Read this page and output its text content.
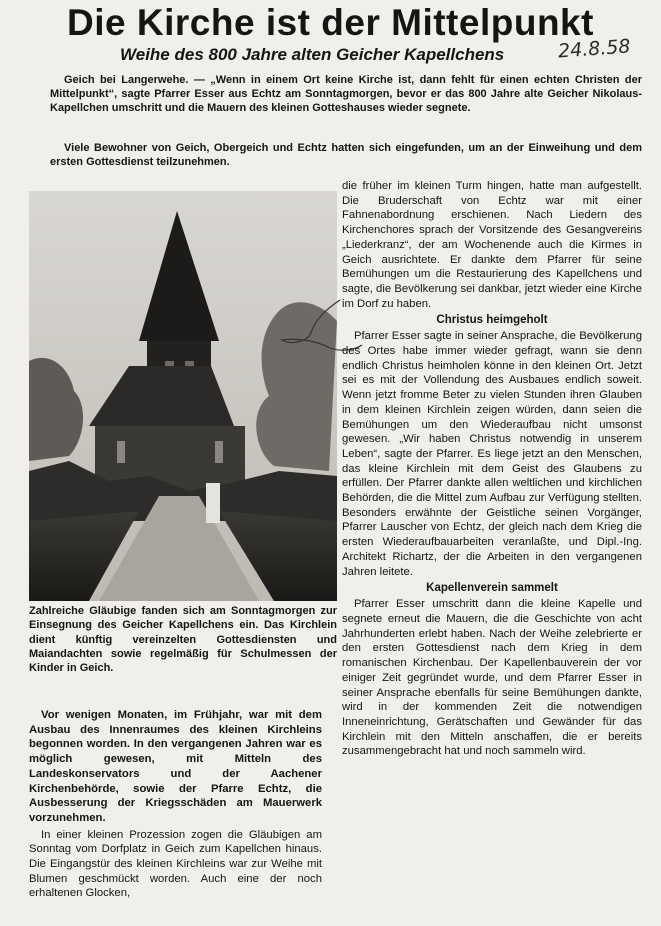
Die Kirche ist der Mittelpunkt
Weihe des 800 Jahre alten Geicher Kapellchens	24.8.58

Geich bei Langerwehe. — „Wenn in einem Ort keine Kirche ist, dann fehlt für einen echten Christen der Mittelpunkt“, sagte Pfarrer Esser aus Echtz am Sonntagmorgen, bevor er das 800 Jahre alte Geicher Nikolaus-Kapellchen umschritt und die Mauern des kleinen Gotteshauses wieder segnete.

Viele Bewohner von Geich, Obergeich und Echtz hatten sich eingefunden, um an der Einweihung und dem ersten Gottesdienst teilzunehmen.

Zahlreiche Gläubige fanden sich am Sonntagmorgen zur Einsegnung des Geicher Kapellchens ein. Das Kirchlein dient künftig vereinzelten Gottesdiensten und Maiandachten sowie regelmäßig für Schulmessen der Kinder in Geich.

Vor wenigen Monaten, im Frühjahr, war mit dem Ausbau des Innenraumes des kleinen Kirchleins begonnen worden. In den vergangenen Jahren war es möglich gewesen, mit Mitteln des Landeskonservators und der Aachener Kirchenbehörde, sowie der Pfarre Echtz, die Ausbesserung der Kriegsschäden am Mauerwerk vorzunehmen.

In einer kleinen Prozession zogen die Gläubigen am Sonntag vom Dorfplatz in Geich zum Kapellchen hinaus. Die Eingangstür des kleinen Kirchleins war zur Weihe mit Blumen geschmückt worden. Auch eine der noch erhaltenen Glocken,

die früher im kleinen Turm hingen, hatte man aufgestellt. Die Bruderschaft von Echtz war mit einer Fahnenabordnung erschienen. Nach Liedern des Kirchenchores sprach der Vorsitzende des Gesangvereins „Liederkranz“, der am Wochenende auch die Kirmes in Geich ausrichtete. Er dankte dem Pfarrer für seine Bemühungen um die Restaurierung des Kapellchens und sagte, die Bevölkerung sei dankbar, jetzt wieder eine Kirche im Dorf zu haben.

Christus heimgeholt

Pfarrer Esser sagte in seiner Ansprache, die Bevölkerung des Ortes habe immer wieder gefragt, wann sie denn endlich Christus heimholen könne in den kleinen Ort. Jetzt sei es mit der Vollendung des Ausbaues endlich soweit. Wenn jetzt fromme Beter zu vielen Stunden ihren Glauben in dem kleinen Kirchlein zeigen würden, dann seien die Bemühungen um den Wiederaufbau nicht umsonst gewesen. „Wir haben Christus notwendig in unserem Leben“, sagte der Pfarrer. Es liege jetzt an den Menschen, das kleine Kirchlein mit dem Geist des Glaubens zu erfüllen. Der Pfarrer dankte allen weltlichen und kirchlichen Behörden, die die Mittel zum Aufbau zur Verfügung stellten. Besonders erwähnte der Geistliche seinen Vorgänger, Pfarrer Lauscher von Echtz, der gleich nach dem Krieg die ersten Wiederaufbauarbeiten veranlaßte, und Dipl.-Ing. Architekt Richartz, der die Arbeiten in den vergangenen Jahren leitete.

Kapellenverein sammelt

Pfarrer Esser umschritt dann die kleine Kapelle und segnete erneut die Mauern, die die Geschichte von acht Jahrhunderten erlebt haben. Nach der Weihe zelebrierte er den ersten Gottesdienst nach dem Krieg in dem romanischen Kirchenbau. Der Kapellenbauverein der vor einiger Zeit gegründet wurde, und dem Pfarrer Esser in seiner Ansprache ebenfalls für seine Bemühungen dankte, wird in der kommenden Zeit die notwendigen Inneneinrichtung, Gerätschaften und Gewänder für das Kirchlein mit den Mitteln anschaffen, die er bereits zusammengebracht hat und noch sammeln wird.
